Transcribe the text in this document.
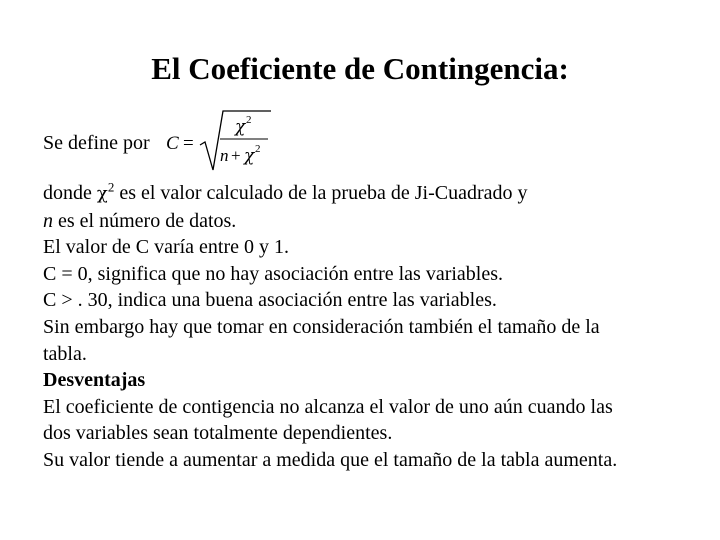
El Coeficiente de Contingencia:
Se define por C =
χ 2
n + χ 2
donde $\chi^2$ es el valor calculado de la prueba de Ji-Cuadrado y
n es el número de datos.
El valor de C varía entre 0 y 1.
C = 0, significa que no hay asociación entre las variables.
C > . 30, indica una buena asociación entre las variables.
Sin embargo hay que tomar en consideración también el tamaño de la
tabla.
Desventajas
El coeficiente de contigencia no alcanza el valor de uno aún cuando las
dos variables sean totalmente dependientes.
Su valor tiende a aumentar a medida que el tamaño de la tabla aumenta.
